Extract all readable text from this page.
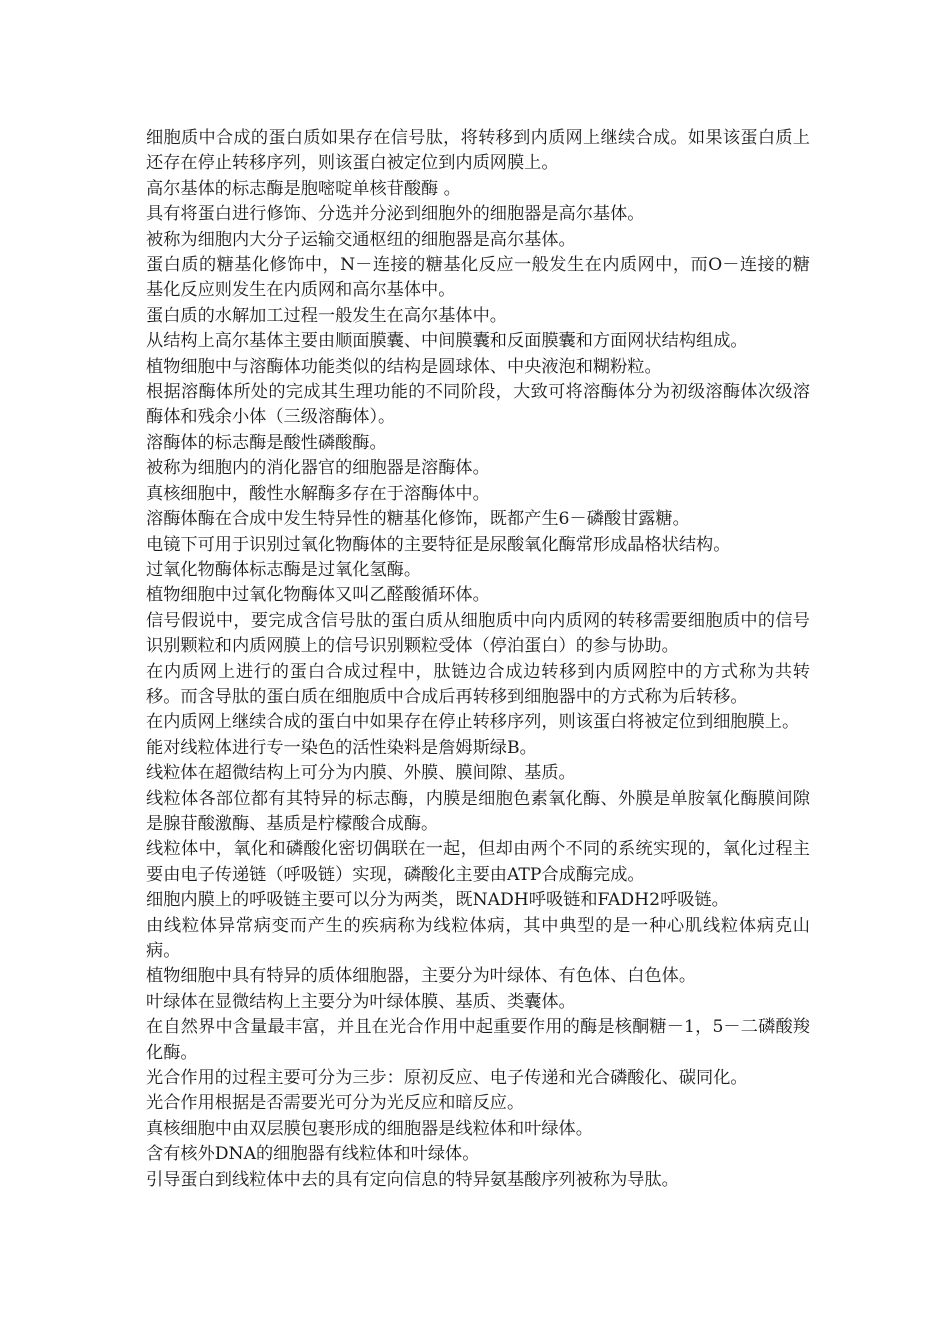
细胞质中合成的蛋白质如果存在信号肽，将转移到内质网上继续合成。如果该蛋白质上还存在停止转移序列，则该蛋白被定位到内质网膜上。

高尔基体的标志酶是胞嘧啶单核苷酸酶 。

具有将蛋白进行修饰、分选并分泌到细胞外的细胞器是高尔基体。

被称为细胞内大分子运输交通枢纽的细胞器是高尔基体。

蛋白质的糖基化修饰中，N－连接的糖基化反应一般发生在内质网中，而O－连接的糖基化反应则发生在内质网和高尔基体中。

蛋白质的水解加工过程一般发生在高尔基体中。

从结构上高尔基体主要由顺面膜囊、中间膜囊和反面膜囊和方面网状结构组成。

植物细胞中与溶酶体功能类似的结构是圆球体、中央液泡和糊粉粒。

根据溶酶体所处的完成其生理功能的不同阶段，大致可将溶酶体分为初级溶酶体次级溶酶体和残余小体（三级溶酶体）。

溶酶体的标志酶是酸性磷酸酶。

被称为细胞内的消化器官的细胞器是溶酶体。

真核细胞中，酸性水解酶多存在于溶酶体中。

溶酶体酶在合成中发生特异性的糖基化修饰，既都产生6－磷酸甘露糖。

电镜下可用于识别过氧化物酶体的主要特征是尿酸氧化酶常形成晶格状结构。

过氧化物酶体标志酶是过氧化氢酶。

植物细胞中过氧化物酶体又叫乙醛酸循环体。

信号假说中，要完成含信号肽的蛋白质从细胞质中向内质网的转移需要细胞质中的信号识别颗粒和内质网膜上的信号识别颗粒受体（停泊蛋白）的参与协助。

在内质网上进行的蛋白合成过程中，肽链边合成边转移到内质网腔中的方式称为共转移。而含导肽的蛋白质在细胞质中合成后再转移到细胞器中的方式称为后转移。

在内质网上继续合成的蛋白中如果存在停止转移序列，则该蛋白将被定位到细胞膜上。

能对线粒体进行专一染色的活性染料是詹姆斯绿B。

线粒体在超微结构上可分为内膜、外膜、膜间隙、基质。

线粒体各部位都有其特异的标志酶，内膜是细胞色素氧化酶、外膜是单胺氧化酶膜间隙是腺苷酸激酶、基质是柠檬酸合成酶。

线粒体中，氧化和磷酸化密切偶联在一起，但却由两个不同的系统实现的，氧化过程主要由电子传递链（呼吸链）实现，磷酸化主要由ATP合成酶完成。

细胞内膜上的呼吸链主要可以分为两类，既NADH呼吸链和FADH2呼吸链。

由线粒体异常病变而产生的疾病称为线粒体病，其中典型的是一种心肌线粒体病克山病。

植物细胞中具有特异的质体细胞器，主要分为叶绿体、有色体、白色体。

叶绿体在显微结构上主要分为叶绿体膜、基质、类囊体。

在自然界中含量最丰富，并且在光合作用中起重要作用的酶是核酮糖－1，5－二磷酸羧化酶。

光合作用的过程主要可分为三步：原初反应、电子传递和光合磷酸化、碳同化。

光合作用根据是否需要光可分为光反应和暗反应。

真核细胞中由双层膜包裹形成的细胞器是线粒体和叶绿体。

含有核外DNA的细胞器有线粒体和叶绿体。

引导蛋白到线粒体中去的具有定向信息的特异氨基酸序列被称为导肽。
